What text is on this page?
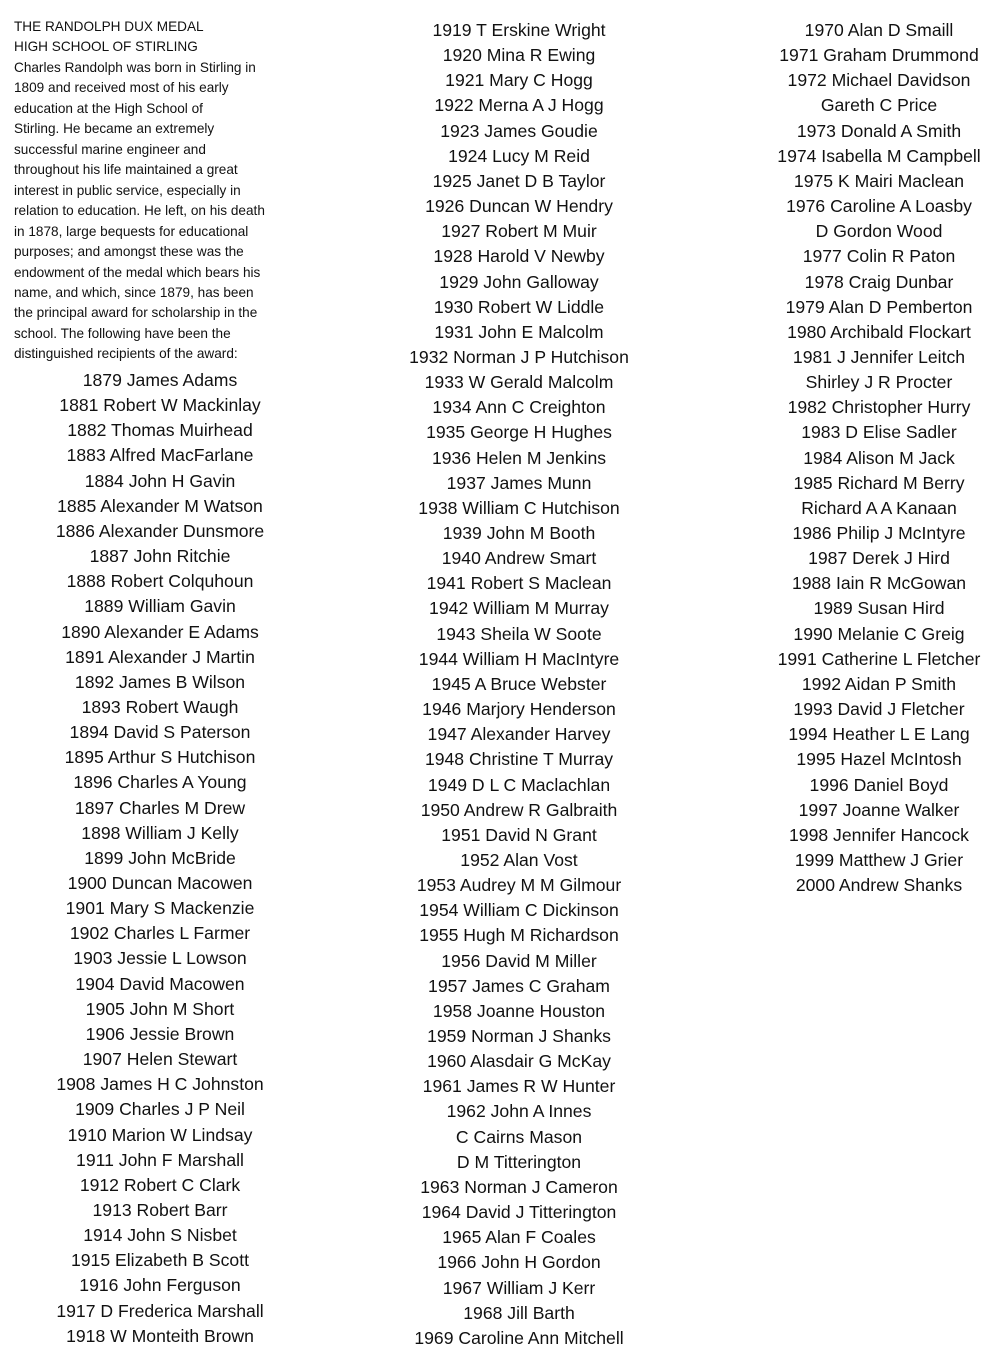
THE RANDOLPH DUX MEDAL
HIGH SCHOOL OF STIRLING
Charles Randolph was born in Stirling in
1809 and received most of his early
education at the High School of
Stirling. He became an extremely
successful marine engineer and
throughout his life maintained a great
interest in public service, especially in
relation to education. He left, on his death
in 1878, large bequests for educational
purposes; and amongst these was the
endowment of the medal which bears his
name, and which, since 1879, has been
the principal award for scholarship in the
school. The following have been the
distinguished recipients of the award:
1879 James Adams
1881 Robert W Mackinlay
1882 Thomas Muirhead
1883 Alfred MacFarlane
1884 John H Gavin
1885 Alexander M Watson
1886 Alexander Dunsmore
1887 John Ritchie
1888 Robert Colquhoun
1889 William Gavin
1890 Alexander E Adams
1891 Alexander J Martin
1892 James B Wilson
1893 Robert Waugh
1894 David S Paterson
1895 Arthur S Hutchison
1896 Charles A Young
1897 Charles M Drew
1898 William J Kelly
1899 John McBride
1900 Duncan Macowen
1901 Mary S Mackenzie
1902 Charles L Farmer
1903 Jessie L Lowson
1904 David Macowen
1905 John M Short
1906 Jessie Brown
1907 Helen Stewart
1908 James H C Johnston
1909 Charles J P Neil
1910 Marion W Lindsay
1911 John F Marshall
1912 Robert C Clark
1913 Robert Barr
1914 John S Nisbet
1915 Elizabeth B Scott
1916 John Ferguson
1917 D Frederica Marshall
1918 W Monteith Brown
1919 T Erskine Wright
1920 Mina R Ewing
1921 Mary C Hogg
1922 Merna A J Hogg
1923 James Goudie
1924 Lucy M Reid
1925 Janet D B Taylor
1926 Duncan W Hendry
1927 Robert M Muir
1928 Harold V Newby
1929 John Galloway
1930 Robert W Liddle
1931 John E Malcolm
1932 Norman J P Hutchison
1933 W Gerald Malcolm
1934 Ann C Creighton
1935 George H Hughes
1936 Helen M Jenkins
1937 James Munn
1938 William C Hutchison
1939 John M Booth
1940 Andrew Smart
1941 Robert S Maclean
1942 William M Murray
1943 Sheila W Soote
1944 William H MacIntyre
1945 A Bruce Webster
1946 Marjory Henderson
1947 Alexander Harvey
1948 Christine T Murray
1949 D L C Maclachlan
1950 Andrew R Galbraith
1951 David N Grant
1952 Alan Vost
1953 Audrey M M Gilmour
1954 William C Dickinson
1955 Hugh M Richardson
1956 David M Miller
1957 James C Graham
1958 Joanne Houston
1959 Norman J Shanks
1960 Alasdair G McKay
1961 James R W Hunter
1962 John A Innes
C Cairns Mason
D M Titterington
1963 Norman J Cameron
1964 David J Titterington
1965 Alan F Coales
1966 John H Gordon
1967 William J Kerr
1968 Jill Barth
1969 Caroline Ann Mitchell
1970 Alan D Smaill
1971 Graham Drummond
1972 Michael Davidson
Gareth C Price
1973 Donald A Smith
1974 Isabella M Campbell
1975 K Mairi Maclean
1976 Caroline A Loasby
D Gordon Wood
1977 Colin R Paton
1978 Craig Dunbar
1979 Alan D Pemberton
1980 Archibald Flockart
1981 J Jennifer Leitch
Shirley J R Procter
1982 Christopher Hurry
1983 D Elise Sadler
1984 Alison M Jack
1985 Richard M Berry
Richard A A Kanaan
1986 Philip J McIntyre
1987 Derek J Hird
1988 Iain R McGowan
1989 Susan Hird
1990 Melanie C Greig
1991 Catherine L Fletcher
1992 Aidan P Smith
1993 David J Fletcher
1994 Heather L E Lang
1995 Hazel McIntosh
1996 Daniel Boyd
1997 Joanne Walker
1998 Jennifer Hancock
1999 Matthew J Grier
2000 Andrew Shanks
